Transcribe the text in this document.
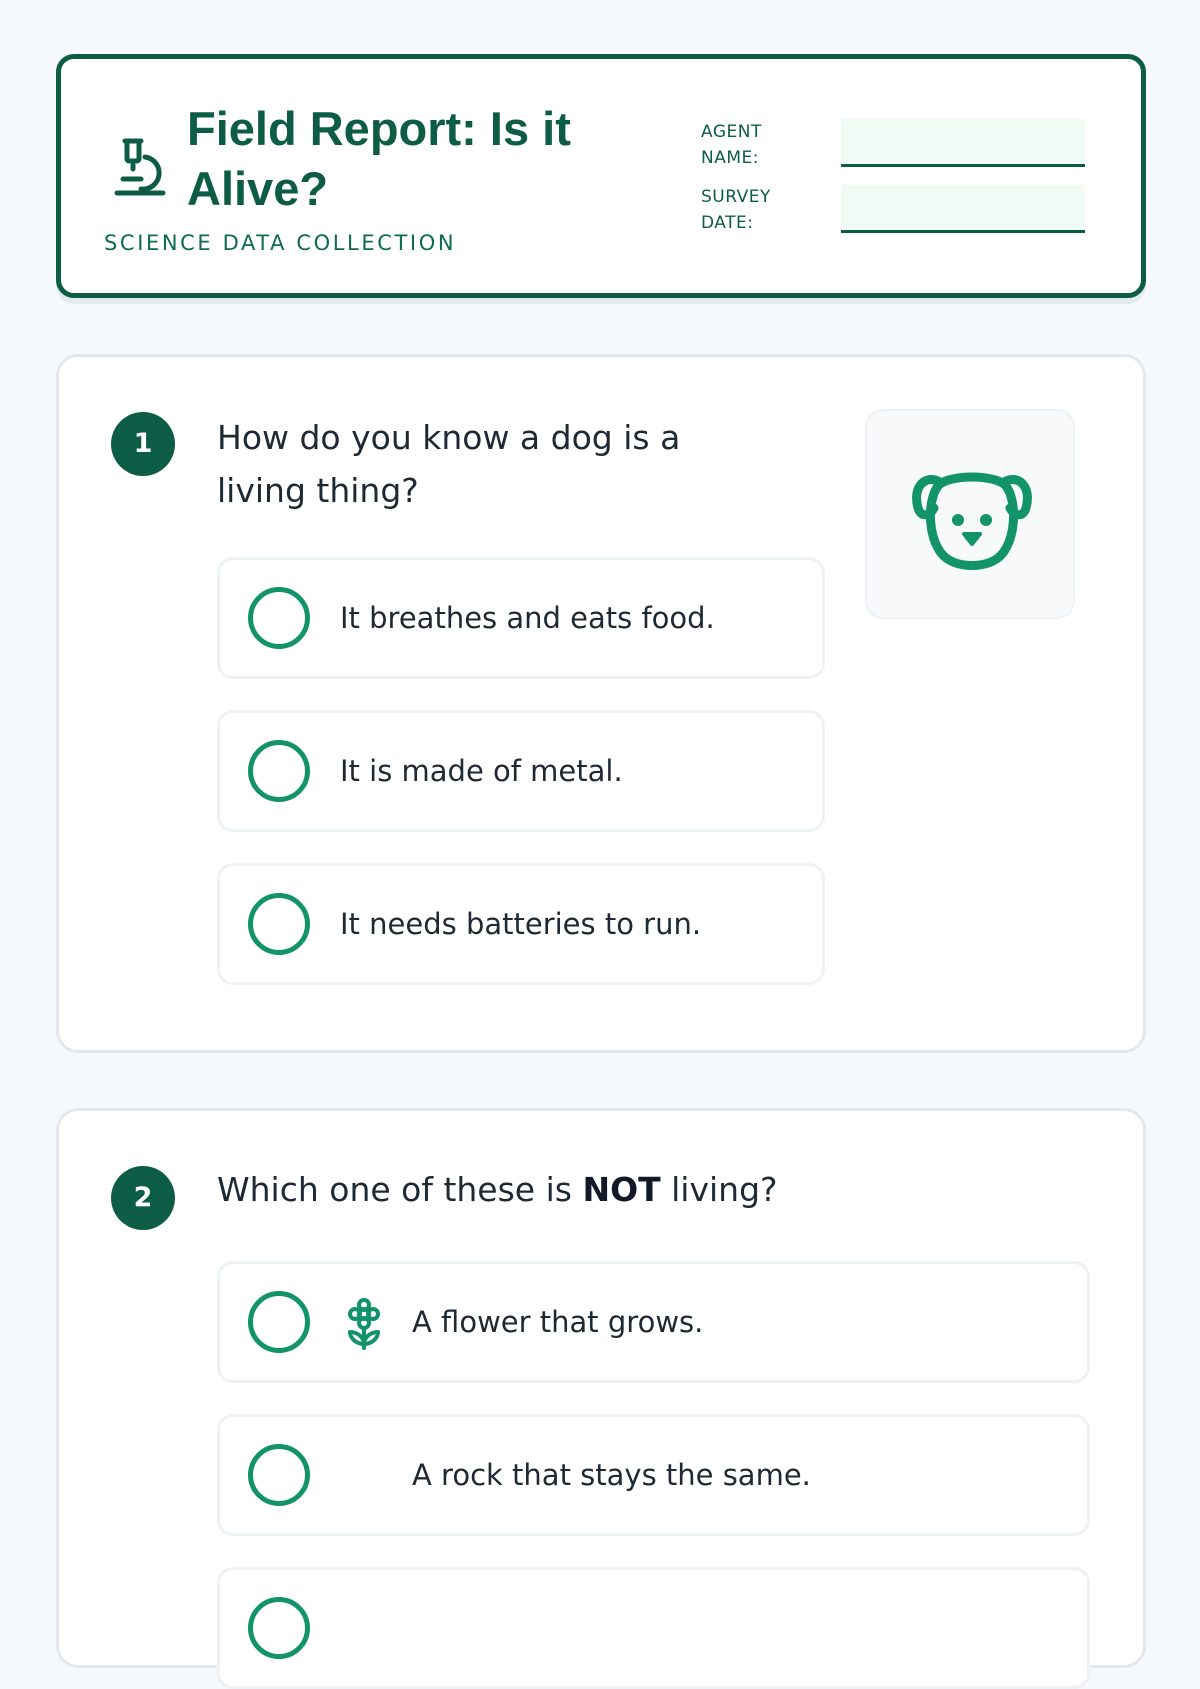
Field Report: Is it Alive?
SCIENCE DATA COLLECTION
AGENT NAME:
SURVEY DATE:
1	How do you know a dog is a living thing?
It breathes and eats food.
It is made of metal.
It needs batteries to run.
2	Which one of these is NOT living?
A flower that grows.
A rock that stays the same.
